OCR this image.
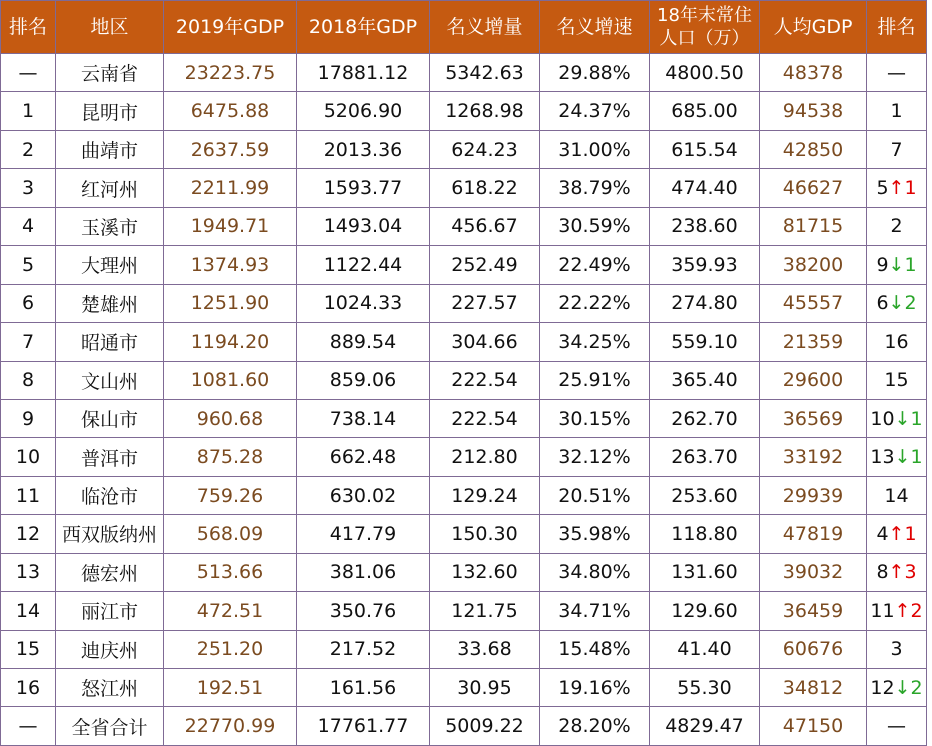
排名	地区	2019年GDP	2018年GDP	名义增量	名义增速	18年末常住人口（万）	人均GDP	排名
—	云南省	23223.75	17881.12	5342.63	29.88%	4800.50	48378	—
1	昆明市	6475.88	5206.90	1268.98	24.37%	685.00	94538	1
2	曲靖市	2637.59	2013.36	624.23	31.00%	615.54	42850	7
3	红河州	2211.99	1593.77	618.22	38.79%	474.40	46627	5↑1
4	玉溪市	1949.71	1493.04	456.67	30.59%	238.60	81715	2
5	大理州	1374.93	1122.44	252.49	22.49%	359.93	38200	9↓1
6	楚雄州	1251.90	1024.33	227.57	22.22%	274.80	45557	6↓2
7	昭通市	1194.20	889.54	304.66	34.25%	559.10	21359	16
8	文山州	1081.60	859.06	222.54	25.91%	365.40	29600	15
9	保山市	960.68	738.14	222.54	30.15%	262.70	36569	10↓1
10	普洱市	875.28	662.48	212.80	32.12%	263.70	33192	13↓1
11	临沧市	759.26	630.02	129.24	20.51%	253.60	29939	14
12	西双版纳州	568.09	417.79	150.30	35.98%	118.80	47819	4↑1
13	德宏州	513.66	381.06	132.60	34.80%	131.60	39032	8↑3
14	丽江市	472.51	350.76	121.75	34.71%	129.60	36459	11↑2
15	迪庆州	251.20	217.52	33.68	15.48%	41.40	60676	3
16	怒江州	192.51	161.56	30.95	19.16%	55.30	34812	12↓2
—	全省合计	22770.99	17761.77	5009.22	28.20%	4829.47	47150	—
